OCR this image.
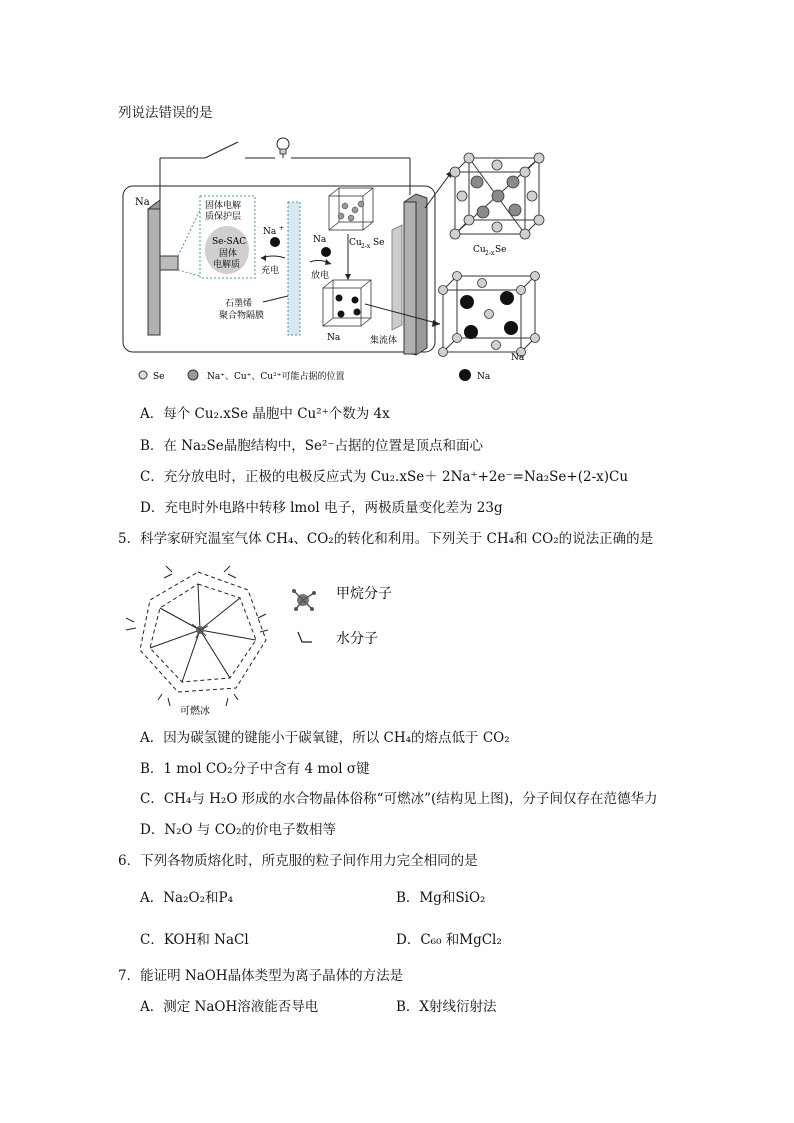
列说法错误的是
Na	固体电解
质保护层
Se-SAC
固体
电解质
Na +
充电
石墨烯
聚合物隔膜
Na
放电
Cu 2-x Se
Na	集流体
Cu 2-x Se
Na
Se	Na⁺、Cu⁺、Cu²⁺可能占据的位置	Na
A．每个 Cu₂.xSe 晶胞中 Cu²⁺个数为 4x
B．在 Na₂Se晶胞结构中，Se²⁻占据的位置是顶点和面心
C．充分放电时，正极的电极反应式为 Cu₂.xSe＋ 2Na⁺+2e⁻=Na₂Se+(2-x)Cu
D．充电时外电路中转移 lmol 电子，两极质量变化差为 23g
5．科学家研究温室气体 CH₄、CO₂的转化和利用。下列关于 CH₄和 CO₂的说法正确的是
甲烷分子
水分子
可燃冰
A．因为碳氢键的键能小于碳氧键，所以 CH₄的熔点低于 CO₂
B．1 mol CO₂分子中含有 4 mol σ键
C．CH₄与 H₂O 形成的水合物晶体俗称“可燃冰”(结构见上图)，分子间仅存在范德华力
D．N₂O 与 CO₂的价电子数相等
6．下列各物质熔化时，所克服的粒子间作用力完全相同的是
A．Na₂O₂和P₄	B．Mg和SiO₂
C．KOH和 NaCl	D．C₆₀ 和MgCl₂
7．能证明 NaOH晶体类型为离子晶体的方法是
A．测定 NaOH溶液能否导电	B．X射线衍射法
